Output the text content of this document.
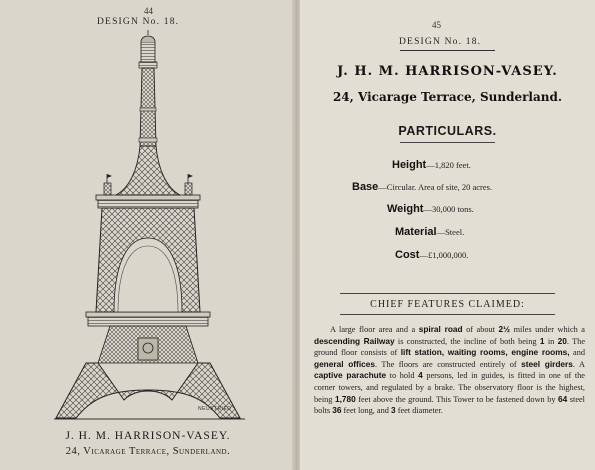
44
DESIGN No. 18.
NEUSTRIED
J. H. M. HARRISON-VASEY.
24, Vicarage Terrace, Sunderland.
45
DESIGN No. 18.
J. H. M. HARRISON-VASEY.
24, Vicarage Terrace, Sunderland.
PARTICULARS.
Height—1,820 feet.
Base—Circular. Area of site, 20 acres.
Weight—30,000 tons.
Material—Steel.
Cost—£1,000,000.
CHIEF FEATURES CLAIMED:
A large floor area and a spiral road of about 2½ miles under which a descending Railway is constructed, the incline of both being 1 in 20. The ground floor consists of lift station, waiting rooms, engine rooms, and general offices. The floors are constructed entirely of steel girders. A captive parachute to hold 4 persons, led in guides, is fitted in one of the corner towers, and regulated by a brake. The observatory floor is the highest, being 1,780 feet above the ground. This Tower to be fastened down by 64 steel bolts 36 feet long, and 3 feet diameter.
